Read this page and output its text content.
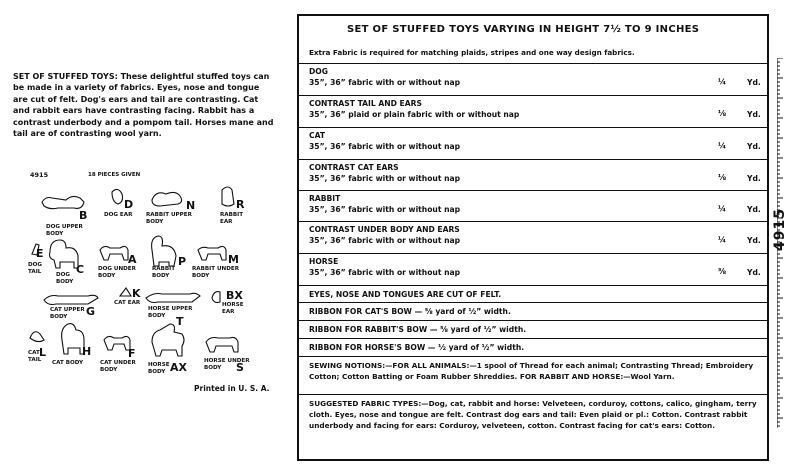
SET OF STUFFED TOYS: These delightful stuffed toys can be made in a variety of fabrics. Eyes, nose and tongue are cut of felt. Dog's ears and tail are contrasting. Cat and rabbit ears have contrasting facing. Rabbit has a contrast underbody and a pompom tail. Horses mane and tail are of contrasting wool yarn.

4915	18 PIECES GIVEN
B
DOG UPPER
BODY
D
DOG EAR
N
RABBIT UPPER
BODY
R
RABBIT
EAR
E
DOG
TAIL	C
DOG
BODY
A
DOG UNDER
BODY
P
RABBIT
BODY
M
RABBIT UNDER
BODY
G
CAT UPPER
BODY
K
CAT EAR
T
HORSE UPPER
BODY
BX
HORSE
EAR
L
CAT
TAIL
H
CAT BODY
F
CAT UNDER
BODY	AX
HORSE
BODY	S
HORSE UNDER
BODY
Printed in U. S. A.
SET OF STUFFED TOYS VARYING IN HEIGHT 7½ TO 9 INCHES
Extra Fabric is required for matching plaids, stripes and one way design fabrics.
DOG
35”, 36” fabric with or without nap	¼	Yd.
CONTRAST TAIL AND EARS
35”, 36” plaid or plain fabric with or without nap	⅛	Yd.
CAT
35”, 36” fabric with or without nap	¼	Yd.
CONTRAST CAT EARS
35”, 36” fabric with or without nap	⅛	Yd.
RABBIT
35”, 36” fabric with or without nap	¼	Yd.
CONTRAST UNDER BODY AND EARS
35”, 36” fabric with or without nap	¼	Yd.
HORSE
35”, 36” fabric with or without nap	⅜	Yd.
EYES, NOSE AND TONGUES ARE CUT OF FELT.
RIBBON FOR CAT'S BOW — ⅝ yard of ½” width.
RIBBON FOR RABBIT'S BOW — ⅝ yard of ½” width.
RIBBON FOR HORSE'S BOW — ½ yard of ½” width.

SEWING NOTIONS:—FOR ALL ANIMALS:—1 spool of Thread for each animal; Contrasting Thread; Embroidery Cotton; Cotton Batting or Foam Rubber Shreddies. FOR RABBIT AND HORSE:—Wool Yarn.

SUGGESTED FABRIC TYPES:—Dog, cat, rabbit and horse: Velveteen, corduroy, cottons, calico, gingham, terry cloth. Eyes, nose and tongue are felt. Contrast dog ears and tail: Even plaid or pl.: Cotton. Contrast rabbit underbody and facing for ears: Corduroy, velveteen, cotton. Contrast facing for cat's ears: Cotton.

4915
